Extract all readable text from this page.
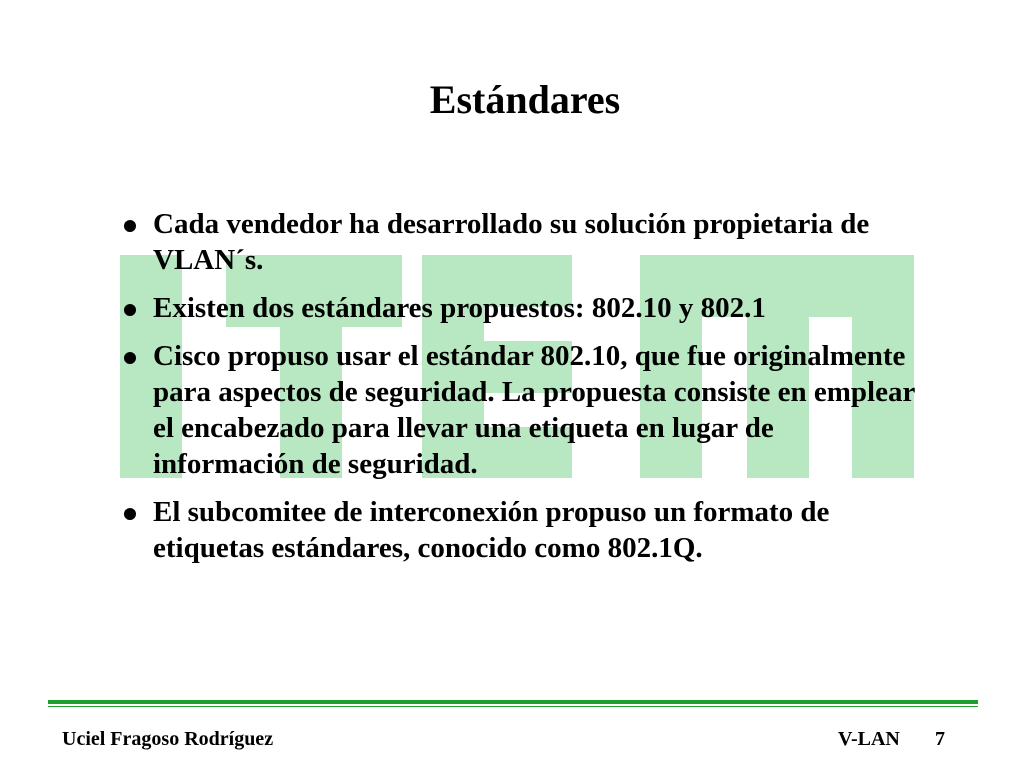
Estándares
Cada vendedor ha desarrollado su solución propietaria de VLAN´s.
Existen dos estándares propuestos: 802.10 y 802.1
Cisco propuso usar el estándar 802.10, que fue originalmente para aspectos de seguridad. La propuesta consiste en emplear el encabezado para llevar una etiqueta en lugar de información de seguridad.
El subcomitee de interconexión propuso un formato de etiquetas estándares, conocido como 802.1Q.
Uciel Fragoso Rodríguez	V-LAN 7
